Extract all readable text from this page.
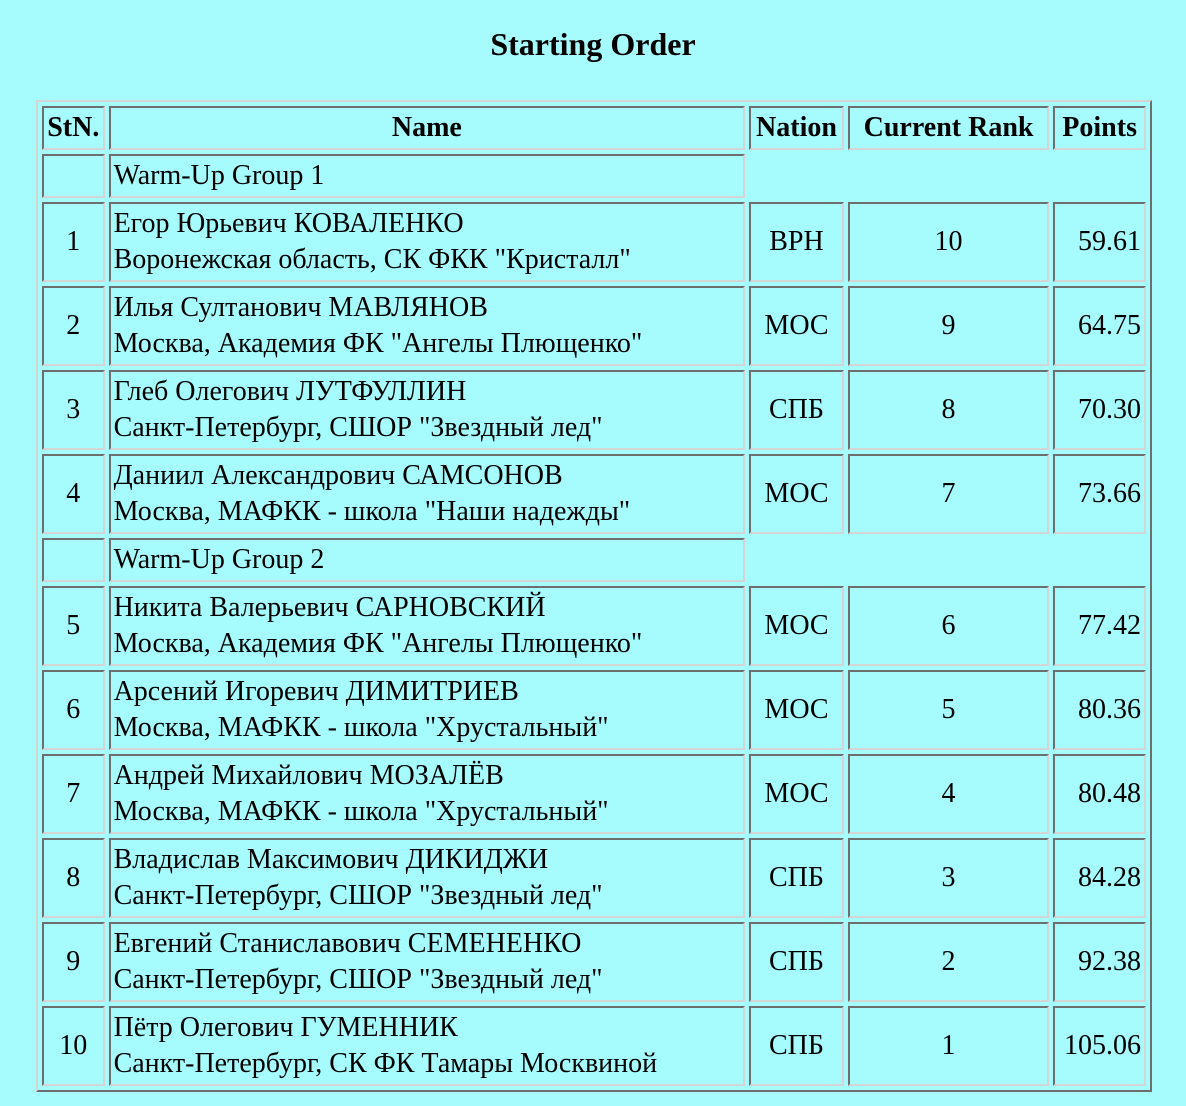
Starting Order
StN.	Name	Nation	Current Rank	Points
	Warm-Up Group 1			
1	Егор Юрьевич КОВАЛЕНКО
Воронежская область, СК ФКК "Кристалл"	ВРН	10	59.61
2	Илья Султанович МАВЛЯНОВ
Москва, Академия ФК "Ангелы Плющенко"	МОС	9	64.75
3	Глеб Олегович ЛУТФУЛЛИН
Санкт-Петербург, СШОР "Звездный лед"	СПБ	8	70.30
4	Даниил Александрович САМСОНОВ
Москва, МАФКК - школа "Наши надежды"	МОС	7	73.66
	Warm-Up Group 2			
5	Никита Валерьевич САРНОВСКИЙ
Москва, Академия ФК "Ангелы Плющенко"	МОС	6	77.42
6	Арсений Игоревич ДИМИТРИЕВ
Москва, МАФКК - школа "Хрустальный"	МОС	5	80.36
7	Андрей Михайлович МОЗАЛЁВ
Москва, МАФКК - школа "Хрустальный"	МОС	4	80.48
8	Владислав Максимович ДИКИДЖИ
Санкт-Петербург, СШОР "Звездный лед"	СПБ	3	84.28
9	Евгений Станиславович СЕМЕНЕНКО
Санкт-Петербург, СШОР "Звездный лед"	СПБ	2	92.38
10	Пётр Олегович ГУМЕННИК
Санкт-Петербург, СК ФК Тамары Москвиной	СПБ	1	105.06
